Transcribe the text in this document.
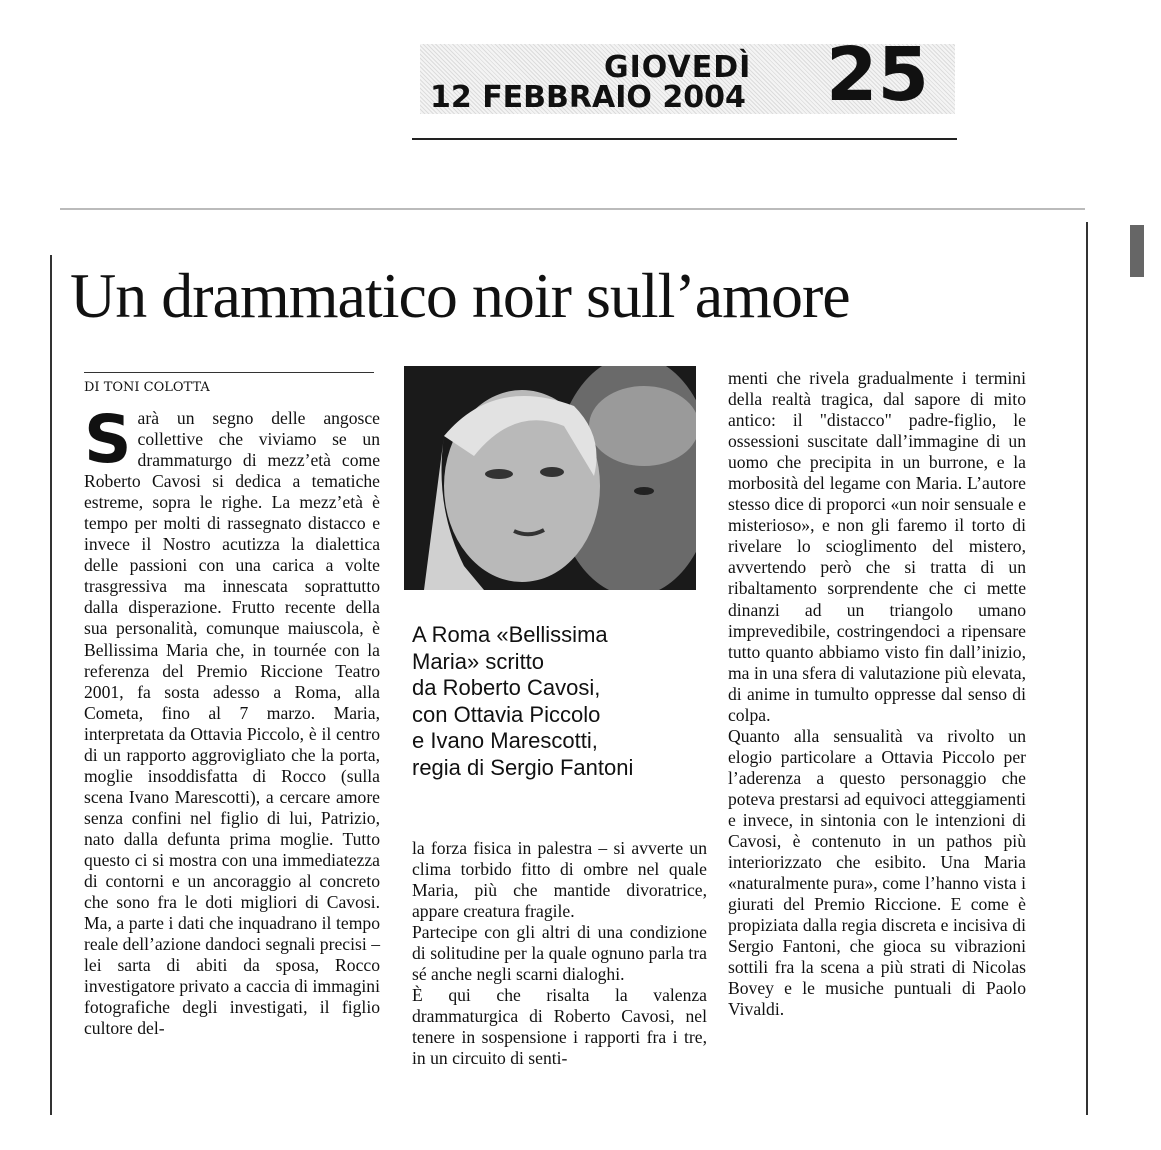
GIOVEDÌ
12 FEBBRAIO 2004 25
Un drammatico noir sull’amore
DI TONI COLOTTA

Sarà un segno delle angosce collettive che viviamo se un drammaturgo di mezz’età come Roberto Cavosi si dedica a tematiche estreme, sopra le righe. La mezz’età è tempo per molti di rassegnato distacco e invece il Nostro acutizza la dialettica delle passioni con una carica a volte trasgressiva ma innescata soprattutto dalla disperazione. Frutto recente della sua personalità, comunque maiuscola, è Bellissima Maria che, in tournée con la referenza del Premio Riccione Teatro 2001, fa sosta adesso a Roma, alla Cometa, fino al 7 marzo. Maria, interpretata da Ottavia Piccolo, è il centro di un rapporto aggrovigliato che la porta, moglie insoddisfatta di Rocco (sulla scena Ivano Marescotti), a cercare amore senza confini nel figlio di lui, Patrizio, nato dalla defunta prima moglie. Tutto questo ci si mostra con una immediatezza di contorni e un ancoraggio al concreto che sono fra le doti migliori di Cavosi. Ma, a parte i dati che inquadrano il tempo reale dell’azione dandoci segnali precisi – lei sarta di abiti da sposa, Rocco investigatore privato a caccia di immagini fotografiche degli investigati, il figlio cultore del-

A Roma «Bellissima
Maria» scritto
da Roberto Cavosi,
con Ottavia Piccolo
e Ivano Marescotti,
regia di Sergio Fantoni

la forza fisica in palestra – si avverte un clima torbido fitto di ombre nel quale Maria, più che mantide divoratrice, appare creatura fragile.

Partecipe con gli altri di una condizione di solitudine per la quale ognuno parla tra sé anche negli scarni dialoghi.

È qui che risalta la valenza drammaturgica di Roberto Cavosi, nel tenere in sospensione i rapporti fra i tre, in un circuito di senti-

menti che rivela gradualmente i termini della realtà tragica, dal sapore di mito antico: il "distacco" padre-figlio, le ossessioni suscitate dall’immagine di un uomo che precipita in un burrone, e la morbosità del legame con Maria. L’autore stesso dice di proporci «un noir sensuale e misterioso», e non gli faremo il torto di rivelare lo scioglimento del mistero, avvertendo però che si tratta di un ribaltamento sorprendente che ci mette dinanzi ad un triangolo umano imprevedibile, costringendoci a ripensare tutto quanto abbiamo visto fin dall’inizio, ma in una sfera di valutazione più elevata, di anime in tumulto oppresse dal senso di colpa.

Quanto alla sensualità va rivolto un elogio particolare a Ottavia Piccolo per l’aderenza a questo personaggio che poteva prestarsi ad equivoci atteggiamenti e invece, in sintonia con le intenzioni di Cavosi, è contenuto in un pathos più interiorizzato che esibito. Una Maria «naturalmente pura», come l’hanno vista i giurati del Premio Riccione. E come è propiziata dalla regia discreta e incisiva di Sergio Fantoni, che gioca su vibrazioni sottili fra la scena a più strati di Nicolas Bovey e le musiche puntuali di Paolo Vivaldi.
